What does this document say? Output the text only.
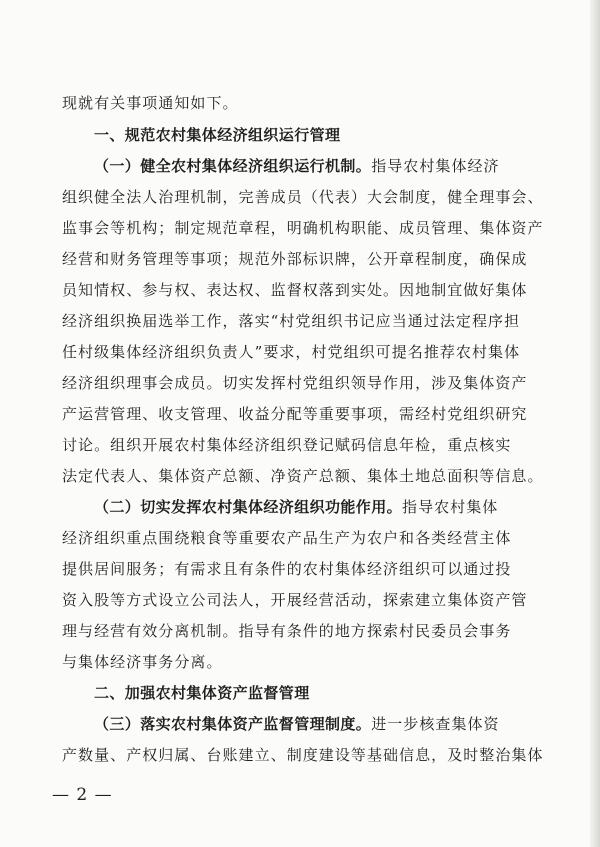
现就有关事项通知如下。
一、规范农村集体经济组织运行管理
（一）健全农村集体经济组织运行机制。指导农村集体经济
组织健全法人治理机制，完善成员（代表）大会制度，健全理事会、
监事会等机构；制定规范章程，明确机构职能、成员管理、集体资产
经营和财务管理等事项；规范外部标识牌，公开章程制度，确保成
员知情权、参与权、表达权、监督权落到实处。因地制宜做好集体
经济组织换届选举工作，落实“村党组织书记应当通过法定程序担
任村级集体经济组织负责人”要求，村党组织可提名推荐农村集体
经济组织理事会成员。切实发挥村党组织领导作用，涉及集体资产
产运营管理、收支管理、收益分配等重要事项，需经村党组织研究
讨论。组织开展农村集体经济组织登记赋码信息年检，重点核实
法定代表人、集体资产总额、净资产总额、集体土地总面积等信息。
（二）切实发挥农村集体经济组织功能作用。指导农村集体
经济组织重点围绕粮食等重要农产品生产为农户和各类经营主体
提供居间服务；有需求且有条件的农村集体经济组织可以通过投
资入股等方式设立公司法人，开展经营活动，探索建立集体资产管
理与经营有效分离机制。指导有条件的地方探索村民委员会事务
与集体经济事务分离。
二、加强农村集体资产监督管理
（三）落实农村集体资产监督管理制度。进一步核查集体资
产数量、产权归属、台账建立、制度建设等基础信息，及时整治集体
— 2 —
